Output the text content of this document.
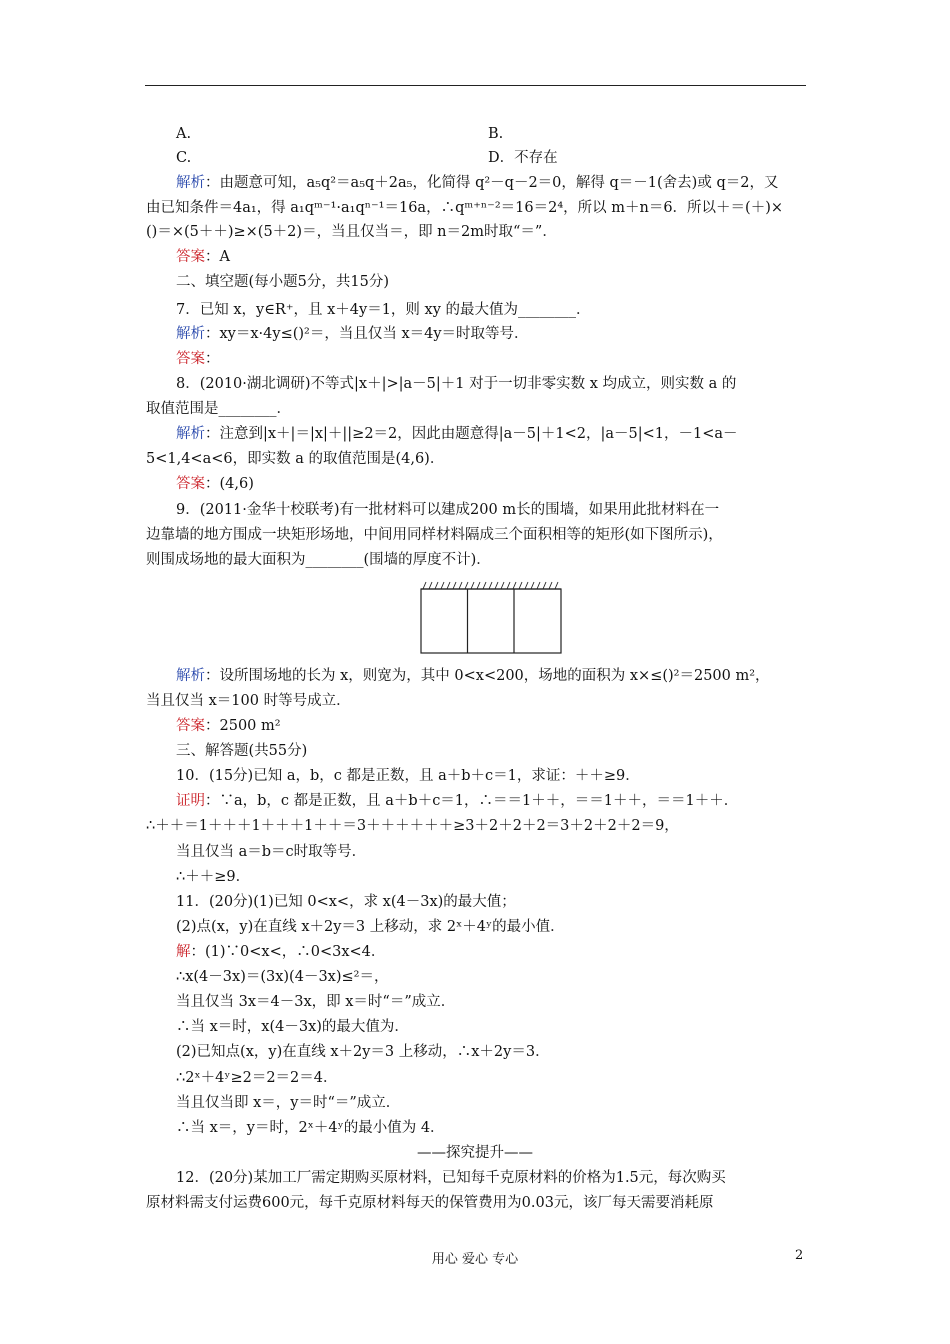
A.	B.
C.	D．不存在
解析：由题意可知，a₅q²＝a₅q＋2a₅，化简得 q²－q－2＝0，解得 q＝－1(舍去)或 q＝2，又
由已知条件＝4a₁，得 a₁qᵐ⁻¹·a₁qⁿ⁻¹＝16a，∴qᵐ⁺ⁿ⁻²＝16＝2⁴，所以 m＋n＝6．所以＋＝(＋)×
()＝×(5＋＋)≥×(5＋2)＝，当且仅当＝，即 n＝2m时取“＝”．
答案：A
二、填空题(每小题5分，共15分)
7．已知 x，y∈R⁺，且 x＋4y＝1，则 xy 的最大值为________．
解析：xy＝x·4y≤()²＝，当且仅当 x＝4y＝时取等号．
答案：
8．(2010·湖北调研)不等式|x＋|>|a－5|＋1 对于一切非零实数 x 均成立，则实数 a 的
取值范围是________．
解析：注意到|x＋|＝|x|＋||≥2＝2，因此由题意得|a－5|＋1<2，|a－5|<1，－1<a－
5<1,4<a<6，即实数 a 的取值范围是(4,6)．
答案：(4,6)
9．(2011·金华十校联考)有一批材料可以建成200 m长的围墙，如果用此批材料在一
边靠墙的地方围成一块矩形场地，中间用同样材料隔成三个面积相等的矩形(如下图所示)，
则围成场地的最大面积为________(围墙的厚度不计)．
解析：设所围场地的长为 x，则宽为，其中 0<x<200，场地的面积为 x×≤()²＝2500 m²，
当且仅当 x＝100 时等号成立．
答案：2500 m²
三、解答题(共55分)
10．(15分)已知 a，b，c 都是正数，且 a＋b＋c＝1，求证：＋＋≥9．
证明：∵a，b，c 都是正数，且 a＋b＋c＝1，∴＝＝1＋＋，＝＝1＋＋，＝＝1＋＋．
∴＋＋＝1＋＋＋1＋＋＋1＋＋＝3＋＋＋＋＋＋≥3＋2＋2＋2＝3＋2＋2＋2＝9，
当且仅当 a＝b＝c时取等号．
∴＋＋≥9．
11．(20分)(1)已知 0<x<，求 x(4－3x)的最大值；
(2)点(x，y)在直线 x＋2y＝3 上移动，求 2ˣ＋4ʸ的最小值．
解：(1)∵0<x<，∴0<3x<4．
∴x(4－3x)＝(3x)(4－3x)≤²＝，
当且仅当 3x＝4－3x，即 x＝时“＝”成立．
∴当 x＝时，x(4－3x)的最大值为．
(2)已知点(x，y)在直线 x＋2y＝3 上移动，∴x＋2y＝3．
∴2ˣ＋4ʸ≥2＝2＝2＝4．
当且仅当即 x＝，y＝时“＝”成立．
∴当 x＝，y＝时，2ˣ＋4ʸ的最小值为 4．
——探究提升——
12．(20分)某加工厂需定期购买原材料，已知每千克原材料的价格为1.5元，每次购买
原材料需支付运费600元，每千克原材料每天的保管费用为0.03元，该厂每天需要消耗原
用心 爱心 专心	2
